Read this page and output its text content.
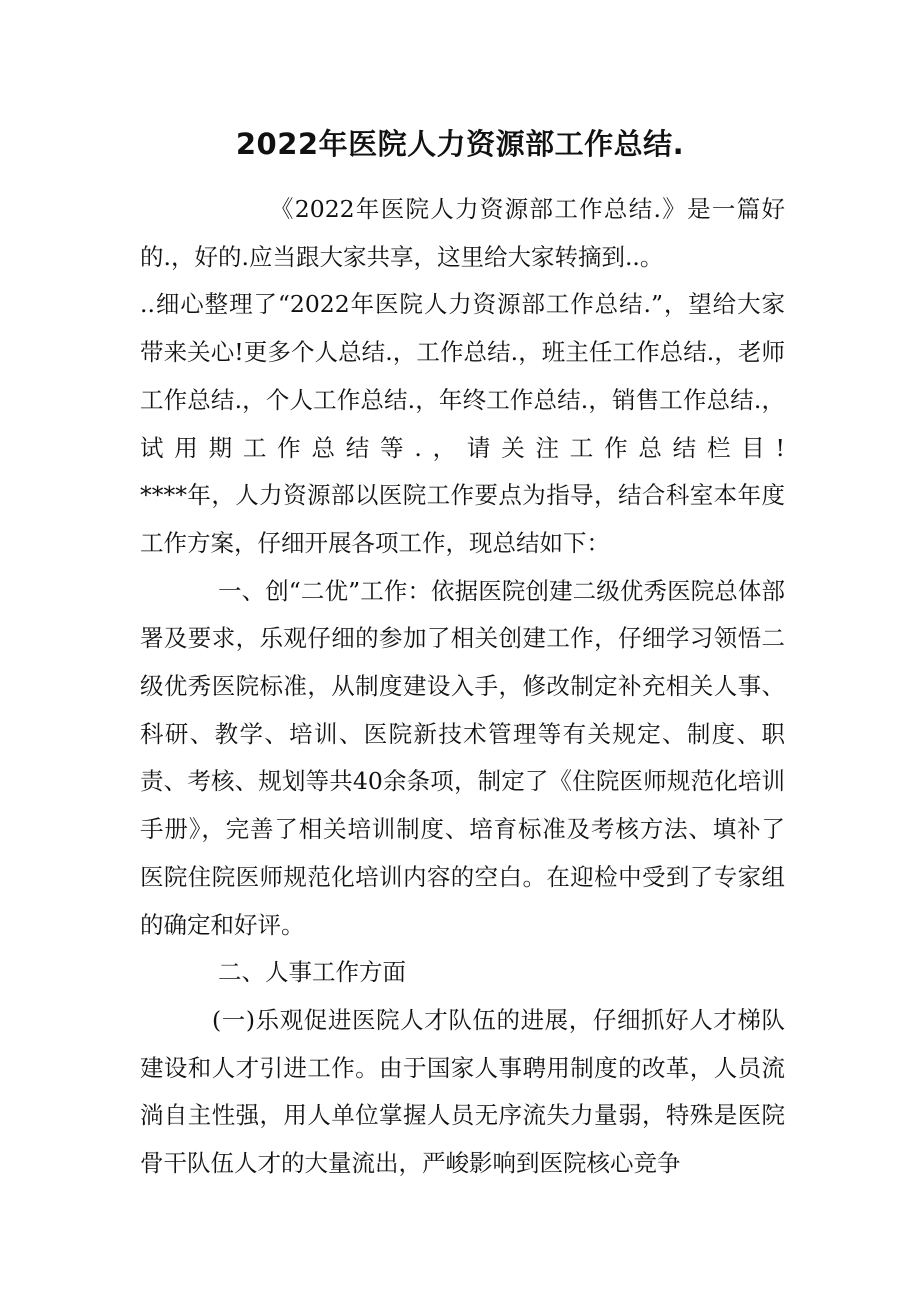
2022年医院人力资源部工作总结.

《2022年医院人力资源部工作总结.》是一篇好的.，好的.应当跟大家共享，这里给大家转摘到..。

..细心整理了“2022年医院人力资源部工作总结.”，望给大家带来关心!更多个人总结.，工作总结.，班主任工作总结.，老师工作总结.，个人工作总结.，年终工作总结.，销售工作总结.，试用期工作总结等.，请关注工作总结栏目!

****年，人力资源部以医院工作要点为指导，结合科室本年度工作方案，仔细开展各项工作，现总结如下：

一、创“二优”工作：依据医院创建二级优秀医院总体部署及要求，乐观仔细的参加了相关创建工作，仔细学习领悟二级优秀医院标准，从制度建设入手，修改制定补充相关人事、科研、教学、培训、医院新技术管理等有关规定、制度、职责、考核、规划等共40余条项，制定了《住院医师规范化培训手册》，完善了相关培训制度、培育标准及考核方法、填补了医院住院医师规范化培训内容的空白。在迎检中受到了专家组的确定和好评。

二、人事工作方面

(一)乐观促进医院人才队伍的进展，仔细抓好人才梯队建设和人才引进工作。由于国家人事聘用制度的改革，人员流淌自主性强，用人单位掌握人员无序流失力量弱，特殊是医院骨干队伍人才的大量流出，严峻影响到医院核心竞争
